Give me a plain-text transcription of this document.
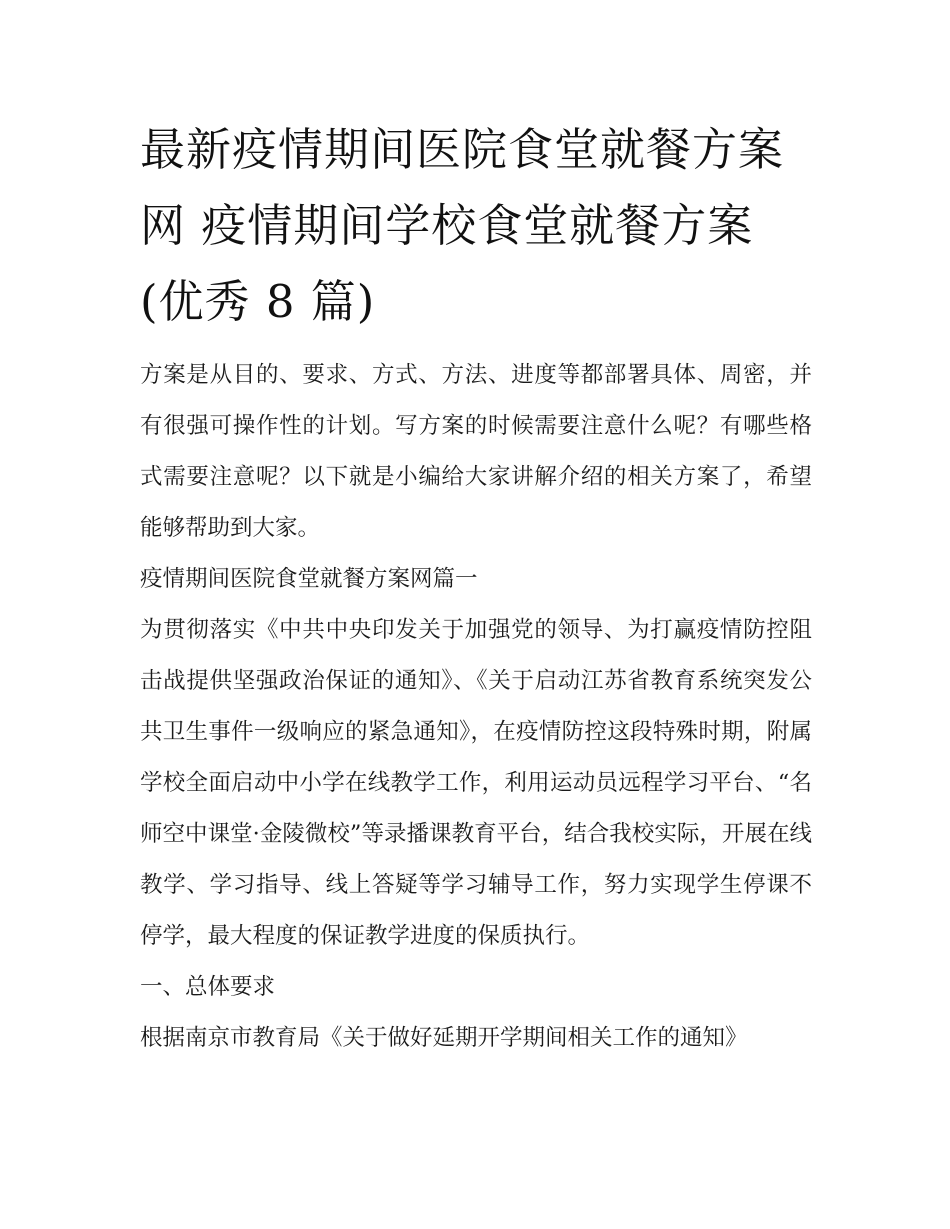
最新疫情期间医院食堂就餐方案网 疫情期间学校食堂就餐方案(优秀 8 篇)

方案是从目的、要求、方式、方法、进度等都部署具体、周密，并有很强可操作性的计划。写方案的时候需要注意什么呢？有哪些格式需要注意呢？以下就是小编给大家讲解介绍的相关方案了，希望能够帮助到大家。

疫情期间医院食堂就餐方案网篇一

为贯彻落实《中共中央印发关于加强党的领导、为打赢疫情防控阻击战提供坚强政治保证的通知》、《关于启动江苏省教育系统突发公共卫生事件一级响应的紧急通知》，在疫情防控这段特殊时期，附属学校全面启动中小学在线教学工作，利用运动员远程学习平台、“名师空中课堂·金陵微校”等录播课教育平台，结合我校实际，开展在线教学、学习指导、线上答疑等学习辅导工作，努力实现学生停课不停学，最大程度的保证教学进度的保质执行。

一、总体要求

根据南京市教育局《关于做好延期开学期间相关工作的通知》
